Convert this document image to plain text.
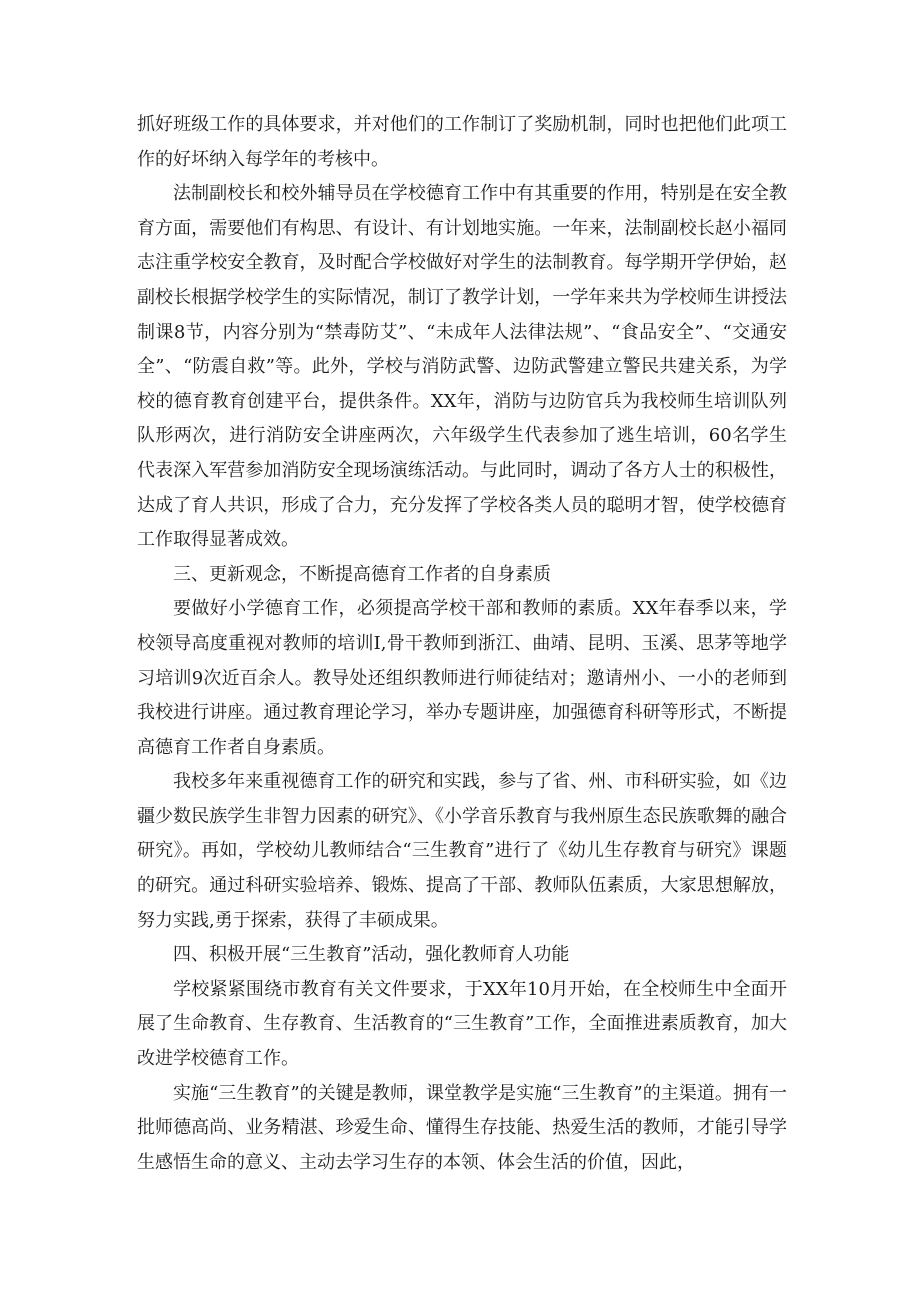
抓好班级工作的具体要求，并对他们的工作制订了奖励机制，同时也把他们此项工作的好坏纳入每学年的考核中。

法制副校长和校外辅导员在学校德育工作中有其重要的作用，特别是在安全教育方面，需要他们有构思、有设计、有计划地实施。一年来，法制副校长赵小福同志注重学校安全教育，及时配合学校做好对学生的法制教育。每学期开学伊始，赵副校长根据学校学生的实际情况，制订了教学计划，一学年来共为学校师生讲授法制课8节，内容分别为“禁毒防艾”、“未成年人法律法规”、“食品安全”、“交通安全”、“防震自救”等。此外，学校与消防武警、边防武警建立警民共建关系，为学校的德育教育创建平台，提供条件。XX年，消防与边防官兵为我校师生培训队列队形两次，进行消防安全讲座两次，六年级学生代表参加了逃生培训，60名学生代表深入军营参加消防安全现场演练活动。与此同时，调动了各方人士的积极性，达成了育人共识，形成了合力，充分发挥了学校各类人员的聪明才智，使学校德育工作取得显著成效。

三、更新观念，不断提高德育工作者的自身素质

要做好小学德育工作，必须提高学校干部和教师的素质。XX年春季以来，学校领导高度重视对教师的培训I,骨干教师到浙江、曲靖、昆明、玉溪、思茅等地学习培训9次近百余人。教导处还组织教师进行师徒结对；邀请州小、一小的老师到我校进行讲座。通过教育理论学习，举办专题讲座，加强德育科研等形式，不断提高德育工作者自身素质。

我校多年来重视德育工作的研究和实践，参与了省、州、市科研实验，如《边疆少数民族学生非智力因素的研究》、《小学音乐教育与我州原生态民族歌舞的融合研究》。再如，学校幼儿教师结合“三生教育”进行了《幼儿生存教育与研究》课题的研究。通过科研实验培养、锻炼、提高了干部、教师队伍素质，大家思想解放，努力实践,勇于探索，获得了丰硕成果。

四、积极开展“三生教育”活动，强化教师育人功能

学校紧紧围绕市教育有关文件要求，于XX年10月开始，在全校师生中全面开展了生命教育、生存教育、生活教育的“三生教育”工作，全面推进素质教育，加大改进学校德育工作。

实施“三生教育”的关键是教师，课堂教学是实施“三生教育”的主渠道。拥有一批师德高尚、业务精湛、珍爱生命、懂得生存技能、热爱生活的教师，才能引导学生感悟生命的意义、主动去学习生存的本领、体会生活的价值，因此，
